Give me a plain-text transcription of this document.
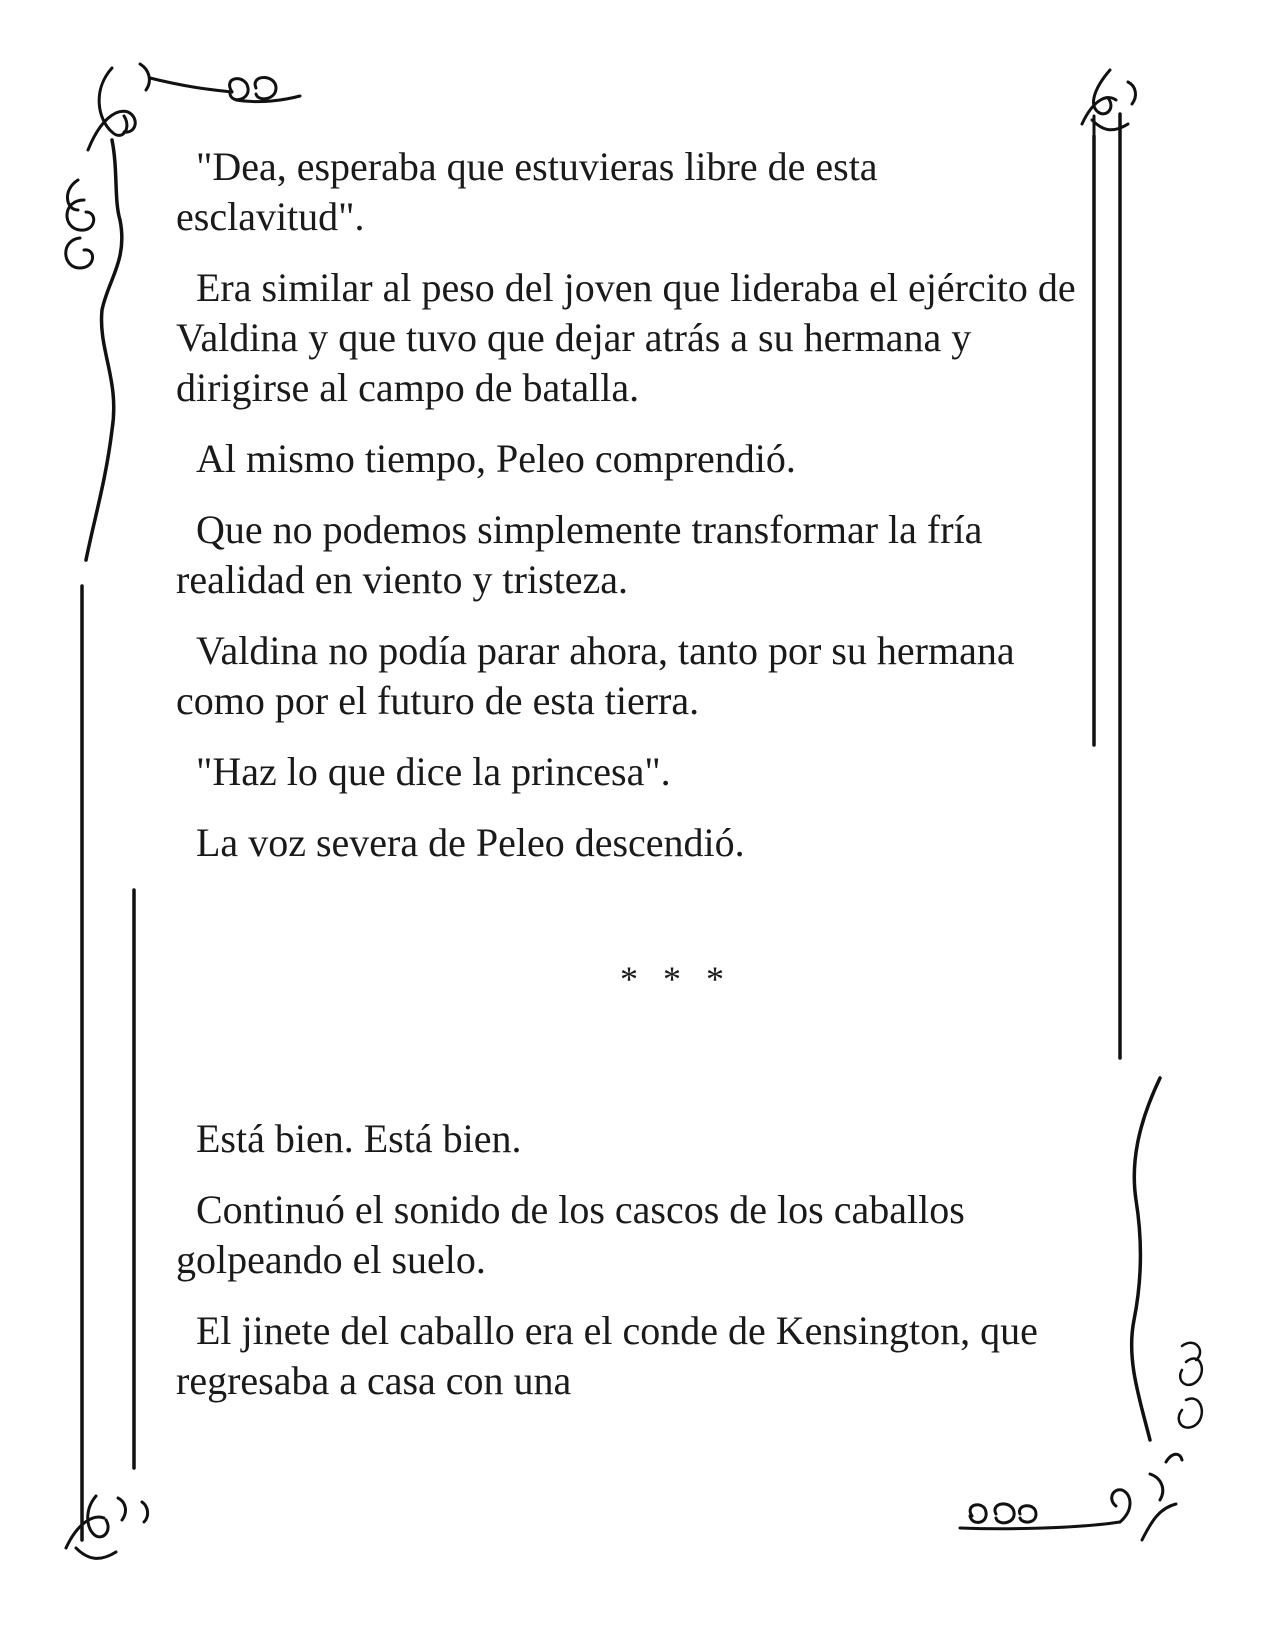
"Dea, esperaba que estuvieras libre de esta esclavitud".

Era similar al peso del joven que lideraba el ejército de Valdina y que tuvo que dejar atrás a su hermana y dirigirse al campo de batalla.

Al mismo tiempo, Peleo comprendió.

Que no podemos simplemente transformar la fría realidad en viento y tristeza.

Valdina no podía parar ahora, tanto por su hermana como por el futuro de esta tierra.

"Haz lo que dice la princesa".

La voz severa de Peleo descendió.

* * *

Está bien. Está bien.

Continuó el sonido de los cascos de los caballos golpeando el suelo.

El jinete del caballo era el conde de Kensington, que regresaba a casa con una
